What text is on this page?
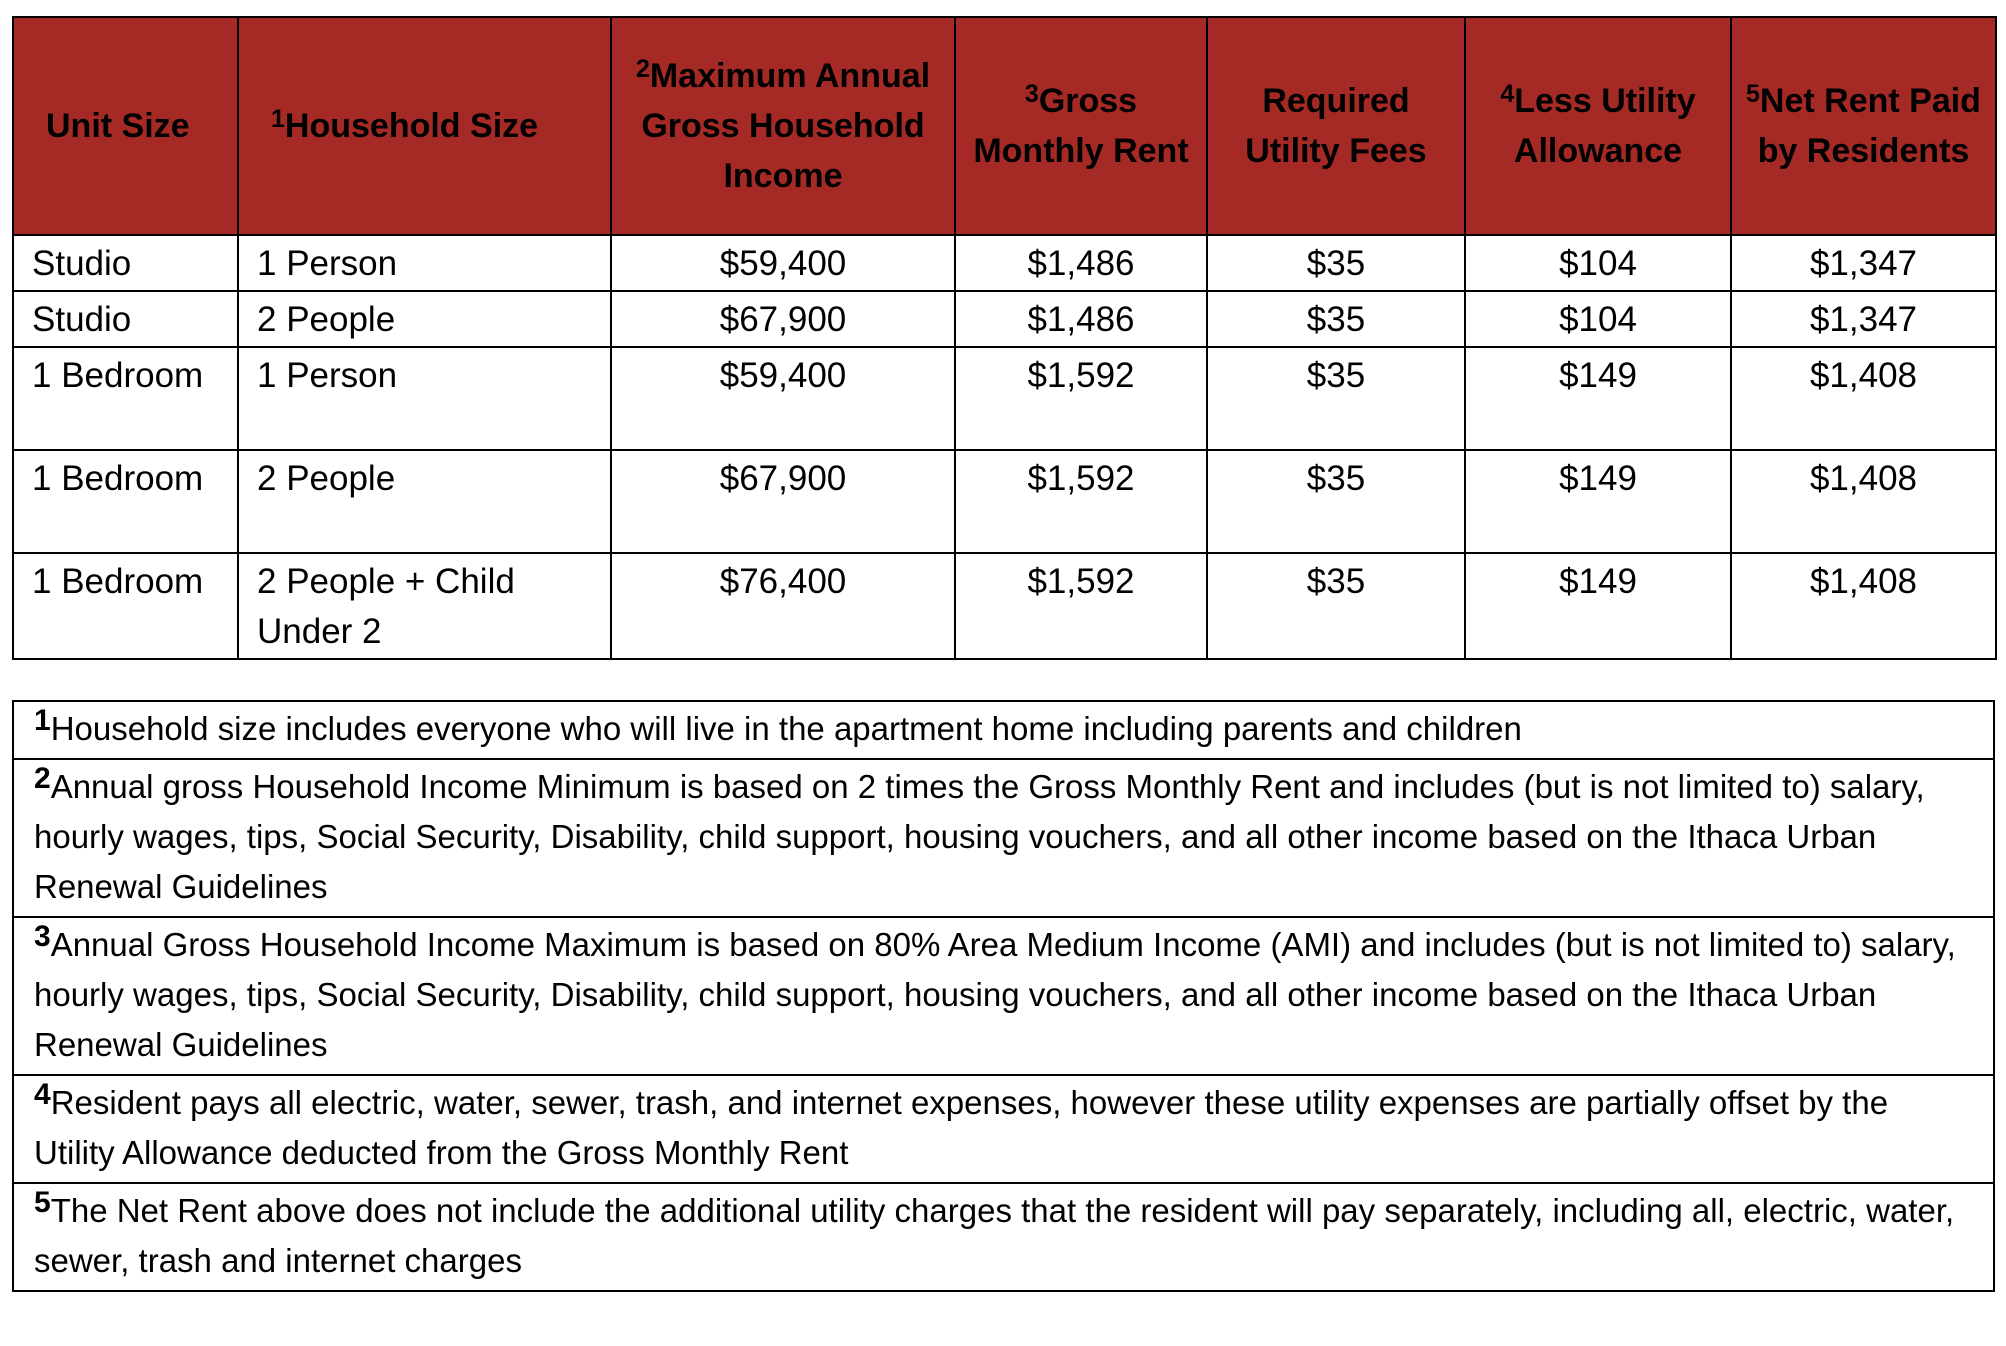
Unit Size	$^1$Household Size	$^2$Maximum Annual Gross Household Income	$^3$Gross Monthly Rent	Required Utility Fees	$^4$Less Utility Allowance	$^5$Net Rent Paid by Residents
Studio	1 Person	$59,400	$1,486	$35	$104	$1,347
Studio	2 People	$67,900	$1,486	$35	$104	$1,347
1 Bedroom	1 Person	$59,400	$1,592	$35	$149	$1,408
1 Bedroom	2 People	$67,900	$1,592	$35	$149	$1,408
1 Bedroom	2 People + Child Under 2	$76,400	$1,592	$35	$149	$1,408
$^1$Household size includes everyone who will live in the apartment home including parents and children
$^2$Annual gross Household Income Minimum is based on 2 times the Gross Monthly Rent and includes (but is not limited to) salary, hourly wages, tips, Social Security, Disability, child support, housing vouchers, and all other income based on the Ithaca Urban Renewal Guidelines
$^3$Annual Gross Household Income Maximum is based on 80% Area Medium Income (AMI) and includes (but is not limited to) salary, hourly wages, tips, Social Security, Disability, child support, housing vouchers, and all other income based on the Ithaca Urban Renewal Guidelines
$^4$Resident pays all electric, water, sewer, trash, and internet expenses, however these utility expenses are partially offset by the Utility Allowance deducted from the Gross Monthly Rent
$^5$The Net Rent above does not include the additional utility charges that the resident will pay separately, including all, electric, water, sewer, trash and internet charges
